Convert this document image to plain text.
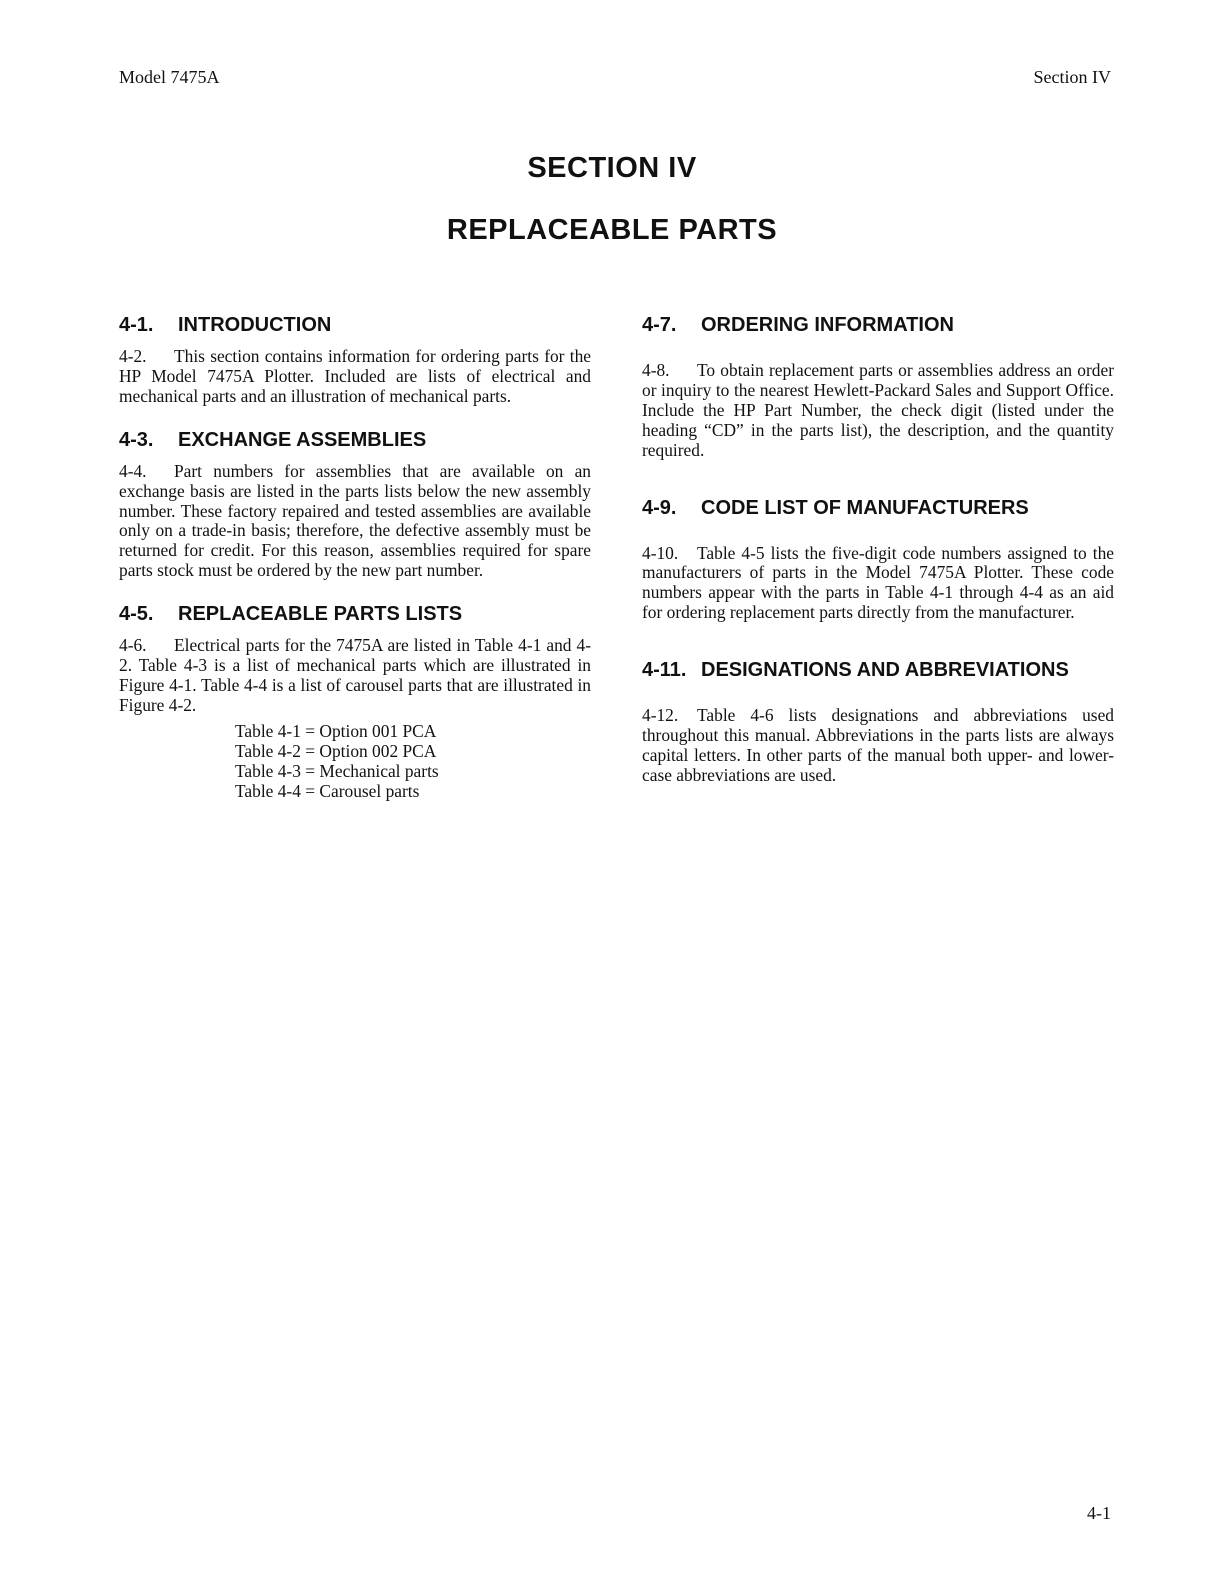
Model 7475A	Section IV
SECTION IV
REPLACEABLE PARTS
4-1. INTRODUCTION

4-2. This section contains information for ordering parts for the HP Model 7475A Plotter. Included are lists of electrical and mechanical parts and an illustration of mechanical parts.

4-3. EXCHANGE ASSEMBLIES

4-4. Part numbers for assemblies that are available on an exchange basis are listed in the parts lists below the new assembly number. These factory repaired and tested assemblies are available only on a trade-in basis; therefore, the defective assembly must be returned for credit. For this reason, assemblies required for spare parts stock must be ordered by the new part number.

4-5. REPLACEABLE PARTS LISTS

4-6. Electrical parts for the 7475A are listed in Table 4-1 and 4-2. Table 4-3 is a list of mechanical parts which are illustrated in Figure 4-1. Table 4-4 is a list of carousel parts that are illustrated in Figure 4-2.

Table 4-1 = Option 001 PCA
Table 4-2 = Option 002 PCA
Table 4-3 = Mechanical parts
Table 4-4 = Carousel parts
4-7. ORDERING INFORMATION

4-8. To obtain replacement parts or assemblies address an order or inquiry to the nearest Hewlett-Packard Sales and Support Office. Include the HP Part Number, the check digit (listed under the heading “CD” in the parts list), the description, and the quantity required.

4-9. CODE LIST OF MANUFACTURERS

4-10. Table 4-5 lists the five-digit code numbers assigned to the manufacturers of parts in the Model 7475A Plotter. These code numbers appear with the parts in Table 4-1 through 4-4 as an aid for ordering replacement parts directly from the manufacturer.

4-11. DESIGNATIONS AND ABBREVIATIONS

4-12. Table 4-6 lists designations and abbreviations used throughout this manual. Abbreviations in the parts lists are always capital letters. In other parts of the manual both upper- and lower-case abbreviations are used.

4-1
